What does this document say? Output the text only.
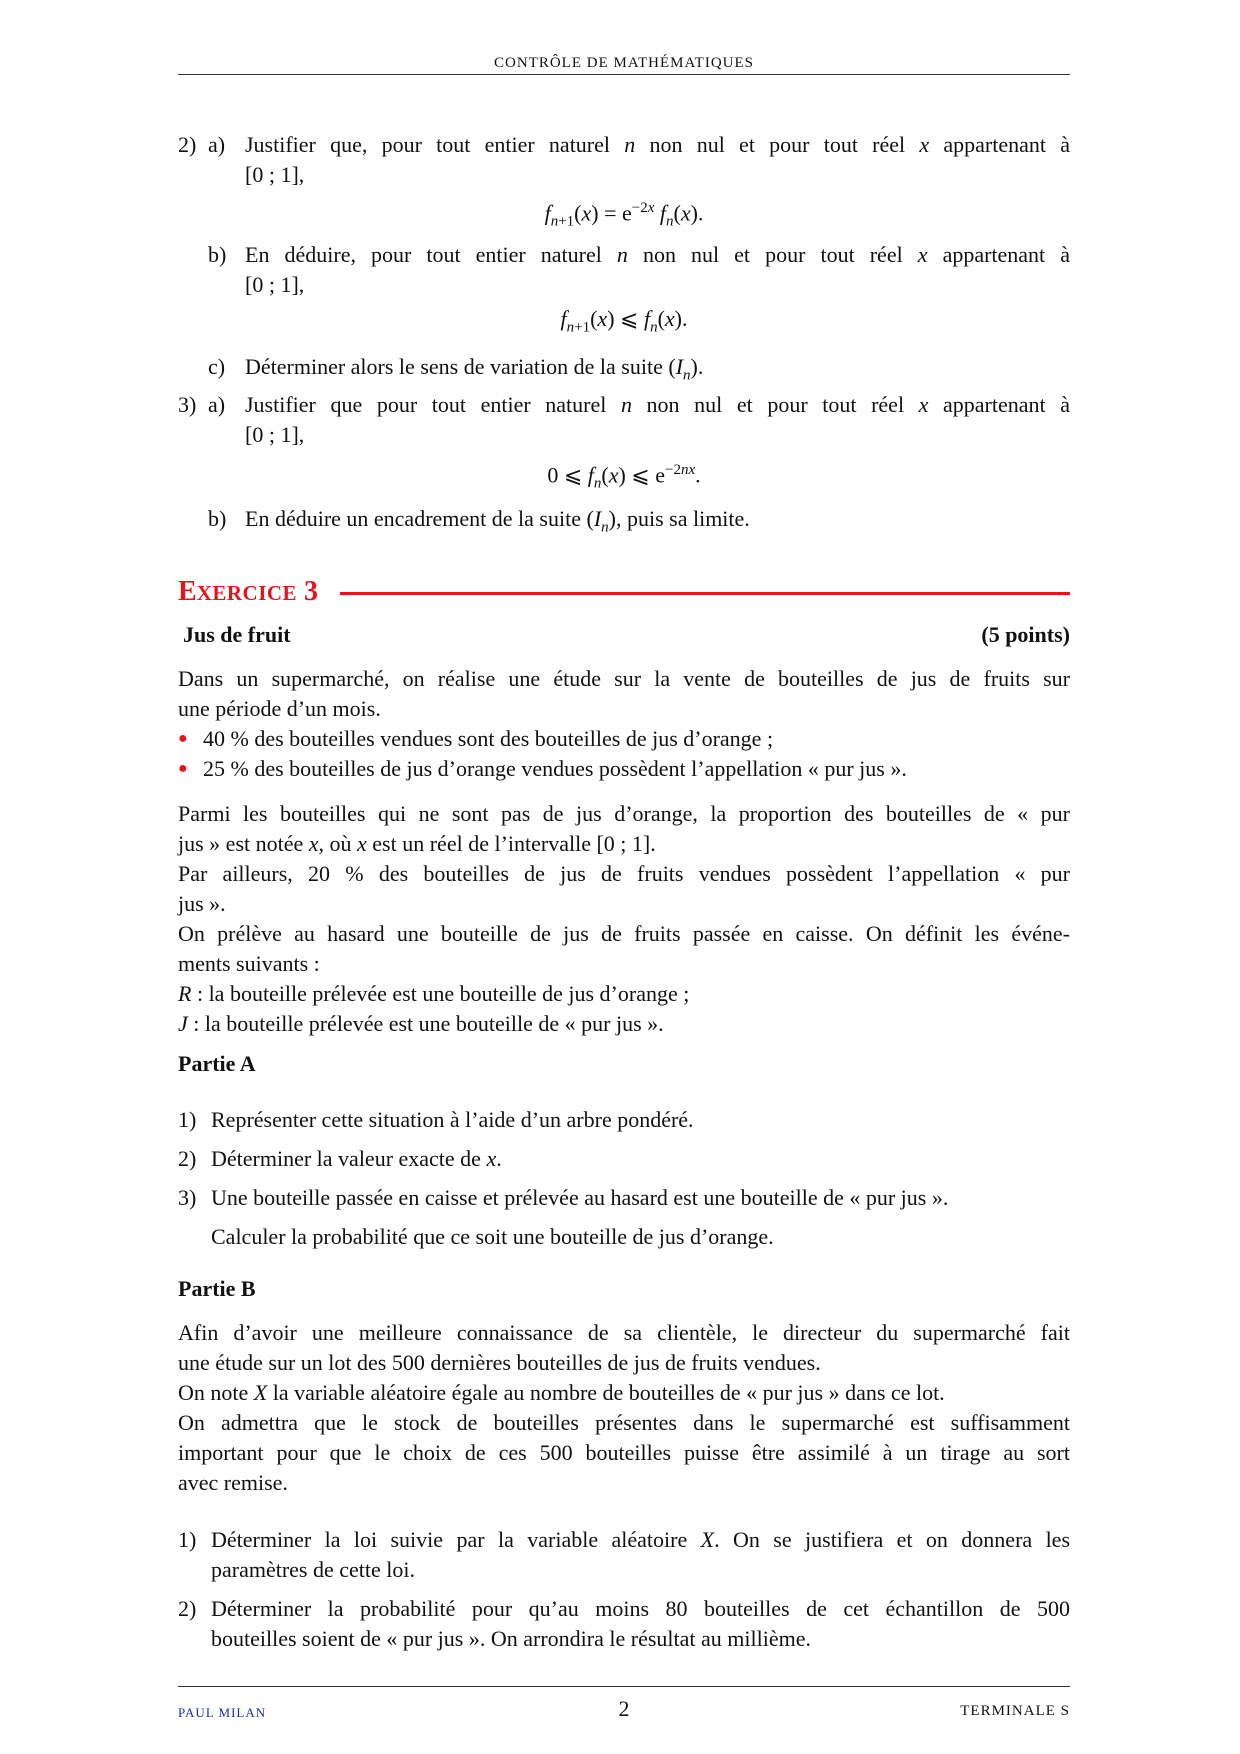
CONTRÔLE DE MATHÉMATIQUES
2) a) Justifier que, pour tout entier naturel n non nul et pour tout réel x appartenant à
[0 ; 1],
$f_{n+1}(x) = e^{-2x}$ $f_n(x)$.
b) En déduire, pour tout entier naturel n non nul et pour tout réel x appartenant à
[0 ; 1],
$f_{n+1}(x)$ ⩽ $f_n(x)$.
c) Déterminer alors le sens de variation de la suite $(I_n)$.
3) a) Justifier que pour tout entier naturel n non nul et pour tout réel x appartenant à
[0 ; 1],
0 ⩽ $f_n(x)$ ⩽ $e^{-2nx}$.
b) En déduire un encadrement de la suite $(I_n)$, puis sa limite.
EXERCICE 3
Jus de fruit	(5 points)
Dans un supermarché, on réalise une étude sur la vente de bouteilles de jus de fruits sur
une période d’un mois.
● 40 % des bouteilles vendues sont des bouteilles de jus d’orange ;
● 25 % des bouteilles de jus d’orange vendues possèdent l’appellation « pur jus ».
Parmi les bouteilles qui ne sont pas de jus d’orange, la proportion des bouteilles de « pur
jus » est notée x, où x est un réel de l’intervalle [0 ; 1].
Par ailleurs, 20 % des bouteilles de jus de fruits vendues possèdent l’appellation « pur
jus ».
On prélève au hasard une bouteille de jus de fruits passée en caisse. On définit les événe-
ments suivants :
R : la bouteille prélevée est une bouteille de jus d’orange ;
J : la bouteille prélevée est une bouteille de « pur jus ».
Partie A
1) Représenter cette situation à l’aide d’un arbre pondéré.
2) Déterminer la valeur exacte de x.
3) Une bouteille passée en caisse et prélevée au hasard est une bouteille de « pur jus ».
Calculer la probabilité que ce soit une bouteille de jus d’orange.
Partie B
Afin d’avoir une meilleure connaissance de sa clientèle, le directeur du supermarché fait
une étude sur un lot des 500 dernières bouteilles de jus de fruits vendues.
On note X la variable aléatoire égale au nombre de bouteilles de « pur jus » dans ce lot.
On admettra que le stock de bouteilles présentes dans le supermarché est suffisamment
important pour que le choix de ces 500 bouteilles puisse être assimilé à un tirage au sort
avec remise.
1) Déterminer la loi suivie par la variable aléatoire X. On se justifiera et on donnera les
paramètres de cette loi.
2) Déterminer la probabilité pour qu’au moins 80 bouteilles de cet échantillon de 500
bouteilles soient de « pur jus ». On arrondira le résultat au millième.
PAUL MILAN	2	TERMINALE S
